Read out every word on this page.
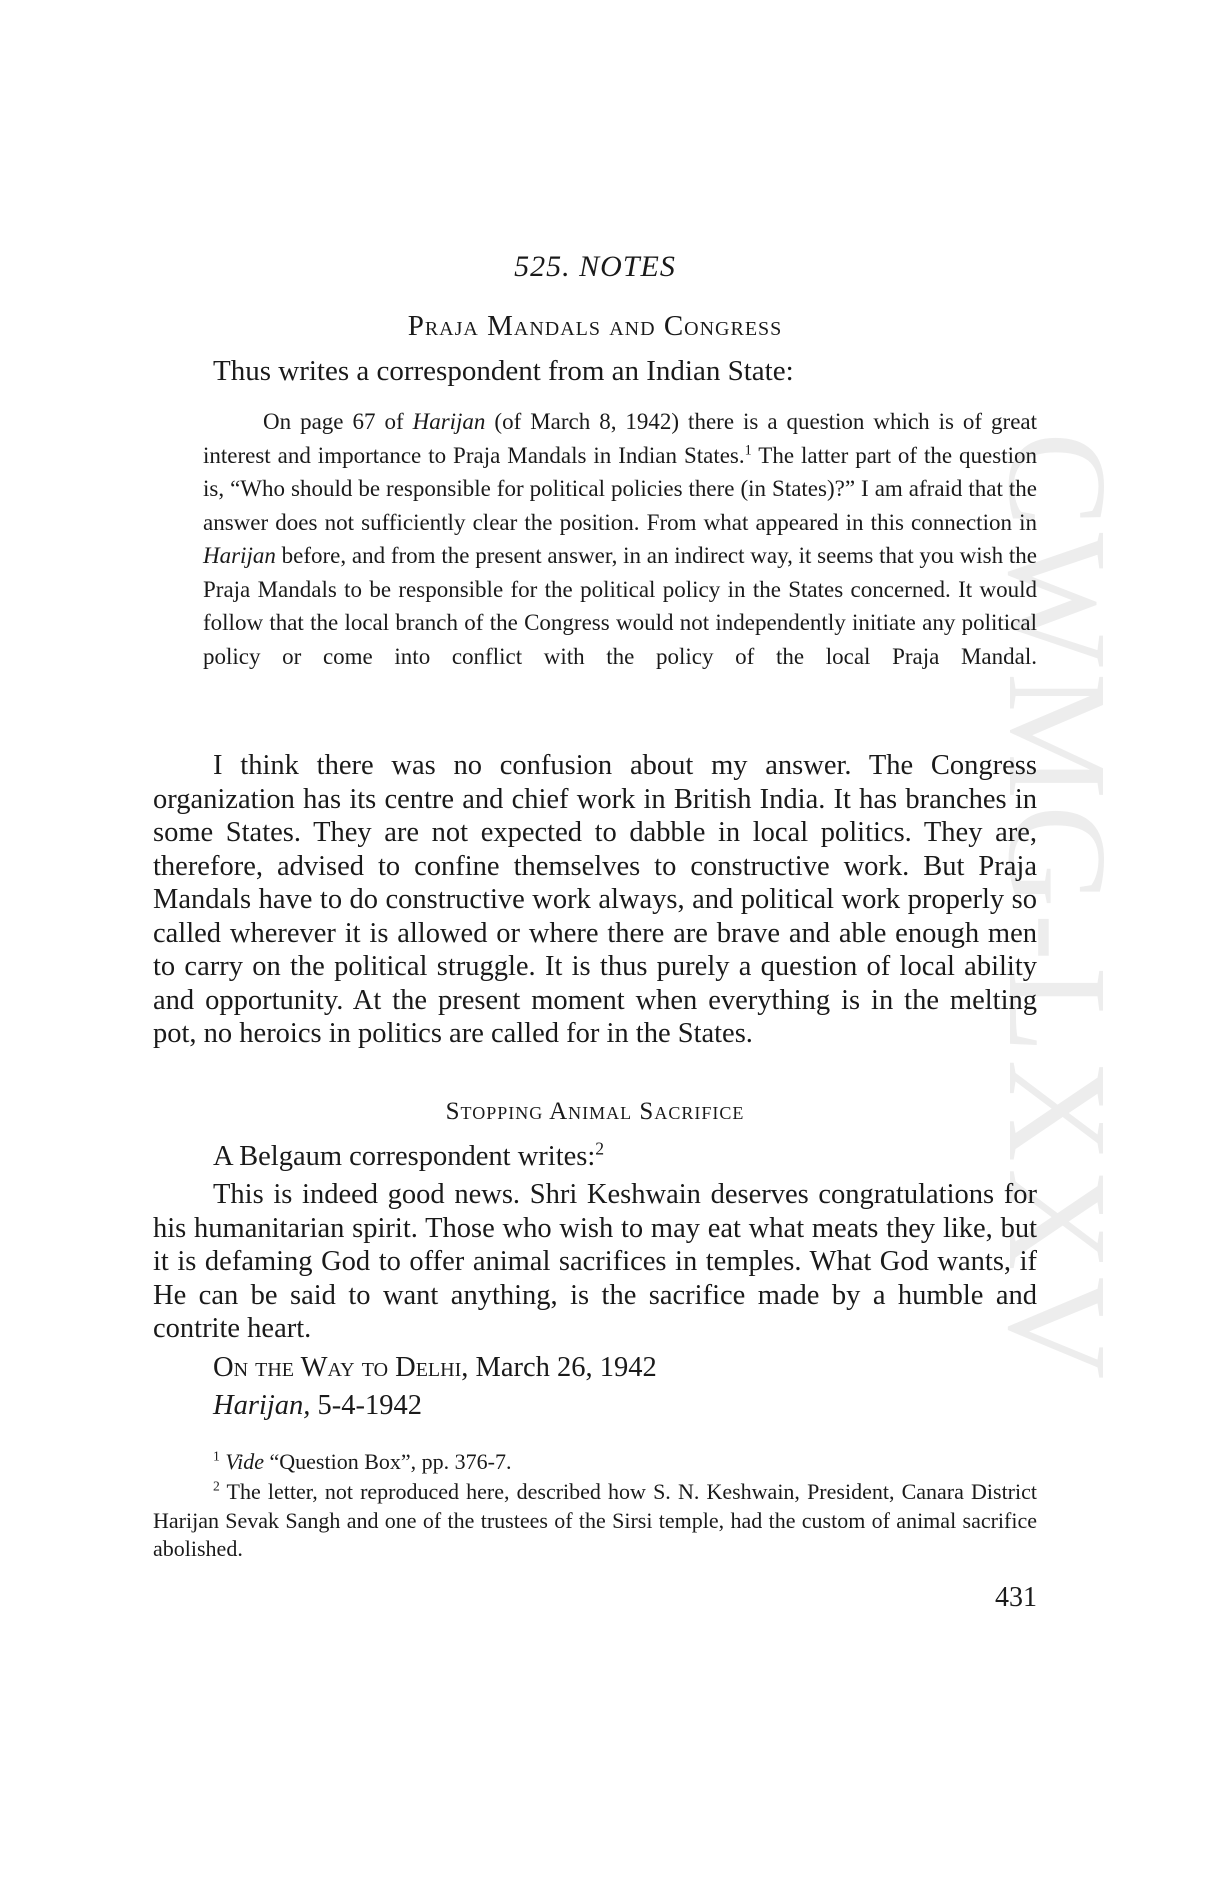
CWMG-LXXV
525. NOTES
Praja Mandals and Congress
Thus writes a correspondent from an Indian State:

On page 67 of Harijan (of March 8, 1942) there is a question which is of great interest and importance to Praja Mandals in Indian States.$^1$ The latter part of the question is, “Who should be responsible for political policies there (in States)?” I am afraid that the answer does not sufficiently clear the position. From what appeared in this connection in Harijan before, and from the present answer, in an indirect way, it seems that you wish the Praja Mandals to be responsible for the political policy in the States concerned. It would follow that the local branch of the Congress would not independently initiate any political policy or come into conflict with the policy of the local Praja Mandal.

I think there was no confusion about my answer. The Congress organization has its centre and chief work in British India. It has branches in some States. They are not expected to dabble in local politics. They are, therefore, advised to confine themselves to constructive work. But Praja Mandals have to do constructive work always, and political work properly so called wherever it is allowed or where there are brave and able enough men to carry on the political struggle. It is thus purely a question of local ability and opportunity. At the present moment when everything is in the melting pot, no heroics in politics are called for in the States.

Stopping Animal Sacrifice
A Belgaum correspondent writes:$^2$

This is indeed good news. Shri Keshwain deserves congratulations for his humanitarian spirit. Those who wish to may eat what meats they like, but it is defaming God to offer animal sacrifices in temples. What God wants, if He can be said to want anything, is the sacrifice made by a humble and contrite heart.

On the Way to Delhi, March 26, 1942
Harijan, 5-4-1942
$^1$ Vide “Question Box”, pp. 376-7.

$^2$ The letter, not reproduced here, described how S. N. Keshwain, President, Canara District Harijan Sevak Sangh and one of the trustees of the Sirsi temple, had the custom of animal sacrifice abolished.

431
